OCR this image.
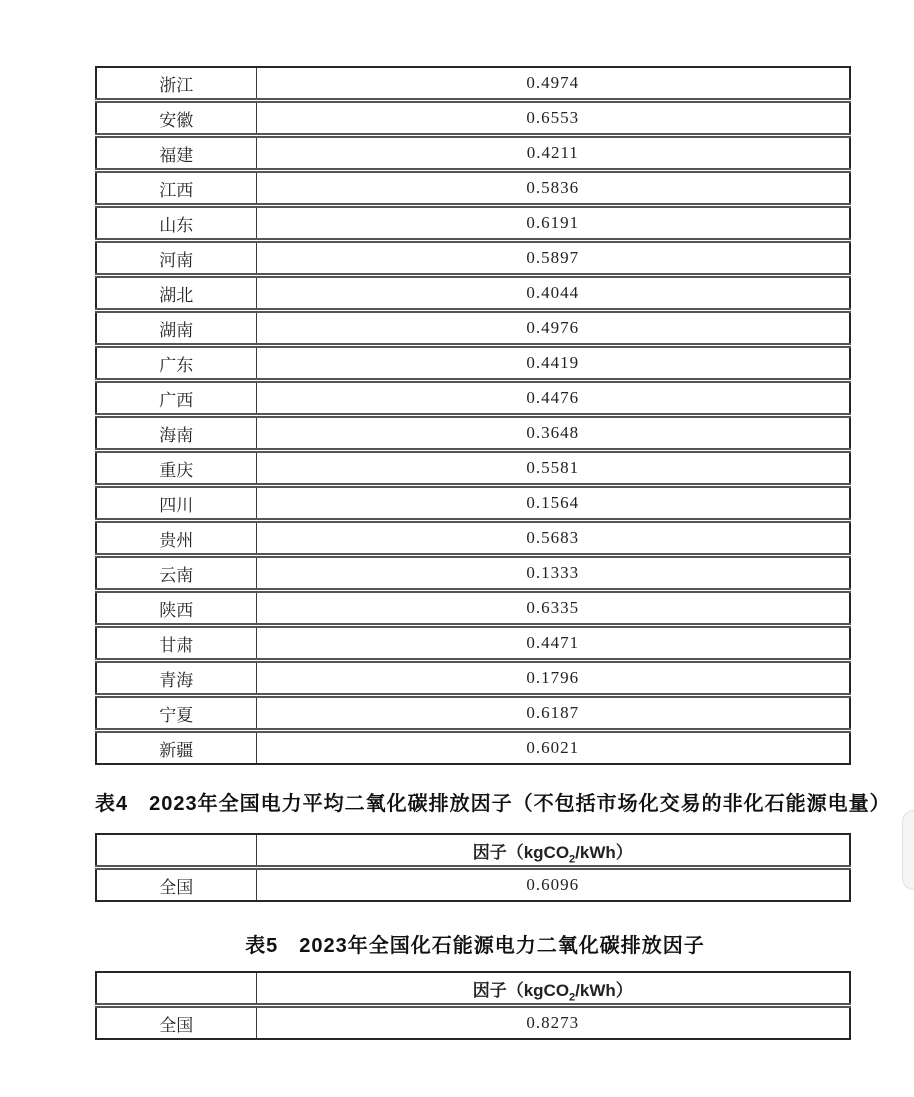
浙江	0.4974
安徽	0.6553
福建	0.4211
江西	0.5836
山东	0.6191
河南	0.5897
湖北	0.4044
湖南	0.4976
广东	0.4419
广西	0.4476
海南	0.3648
重庆	0.5581
四川	0.1564
贵州	0.5683
云南	0.1333
陕西	0.6335
甘肃	0.4471
青海	0.1796
宁夏	0.6187
新疆	0.6021
表4　2023年全国电力平均二氧化碳排放因子（不包括市场化交易的非化石能源电量）
	因子（kgCO$_2$/kWh）
全国	0.6096
表5　2023年全国化石能源电力二氧化碳排放因子
	因子（kgCO$_2$/kWh）
全国	0.8273
